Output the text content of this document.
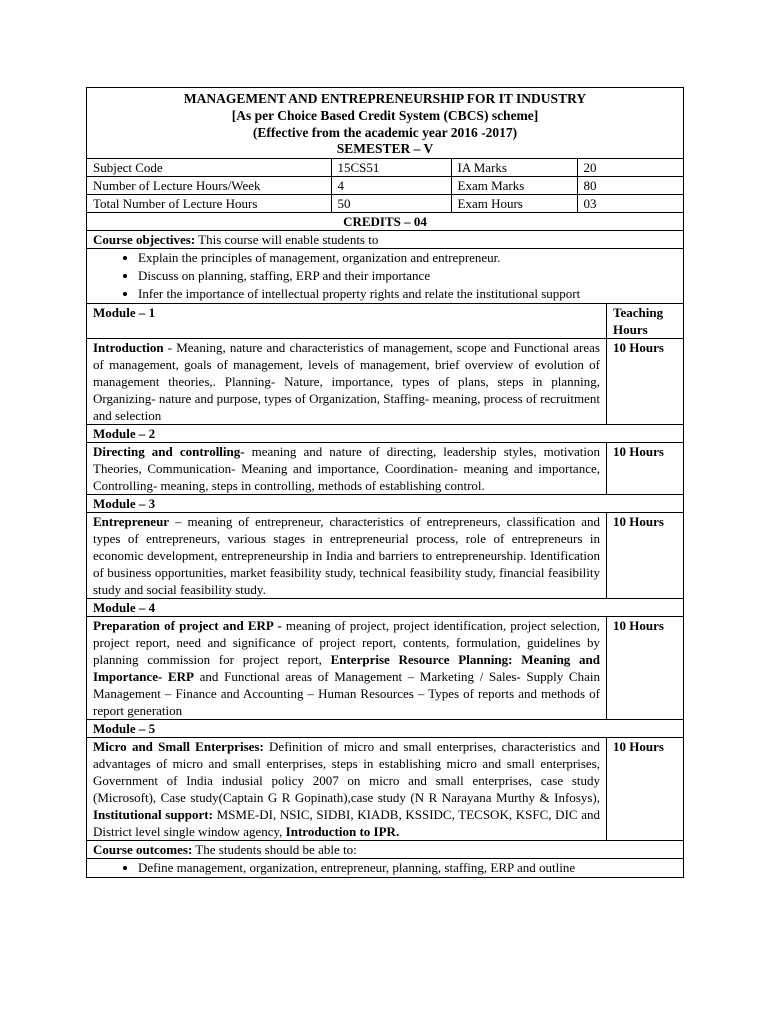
MANAGEMENT AND ENTREPRENEURSHIP FOR IT INDUSTRY
[As per Choice Based Credit System (CBCS) scheme]
(Effective from the academic year 2016 -2017)
SEMESTER – V

Subject Code	15CS51	IA Marks	20
Number of Lecture Hours/Week	4	Exam Marks	80
Total Number of Lecture Hours	50	Exam Hours	03

CREDITS – 04
Course objectives: This course will enable students to

• Explain the principles of management, organization and entrepreneur.
• Discuss on planning, staffing, ERP and their importance
• Infer the importance of intellectual property rights and relate the institutional support

Module – 1	Teaching Hours
Introduction - Meaning, nature and characteristics of management, scope and Functional areas of management, goals of management, levels of management, brief overview of evolution of management theories,. Planning- Nature, importance, types of plans, steps in planning, Organizing- nature and purpose, types of Organization, Staffing- meaning, process of recruitment and selection	10 Hours
Module – 2
Directing and controlling- meaning and nature of directing, leadership styles, motivation Theories, Communication- Meaning and importance, Coordination- meaning and importance, Controlling- meaning, steps in controlling, methods of establishing control.	10 Hours
Module – 3
Entrepreneur – meaning of entrepreneur, characteristics of entrepreneurs, classification and types of entrepreneurs, various stages in entrepreneurial process, role of entrepreneurs in economic development, entrepreneurship in India and barriers to entrepreneurship. Identification of business opportunities, market feasibility study, technical feasibility study, financial feasibility study and social feasibility study.	10 Hours
Module – 4
Preparation of project and ERP - meaning of project, project identification, project selection, project report, need and significance of project report, contents, formulation, guidelines by planning commission for project report, Enterprise Resource Planning: Meaning and Importance- ERP and Functional areas of Management – Marketing / Sales- Supply Chain Management – Finance and Accounting – Human Resources – Types of reports and methods of report generation	10 Hours
Module – 5
Micro and Small Enterprises: Definition of micro and small enterprises, characteristics and advantages of micro and small enterprises, steps in establishing micro and small enterprises, Government of India indusial policy 2007 on micro and small enterprises, case study (Microsoft), Case study(Captain G R Gopinath),case study (N R Narayana Murthy & Infosys), Institutional support: MSME-DI, NSIC, SIDBI, KIADB, KSSIDC, TECSOK, KSFC, DIC and District level single window agency, Introduction to IPR.	10 Hours
Course outcomes: The students should be able to:

• Define management, organization, entrepreneur, planning, staffing, ERP and outline
